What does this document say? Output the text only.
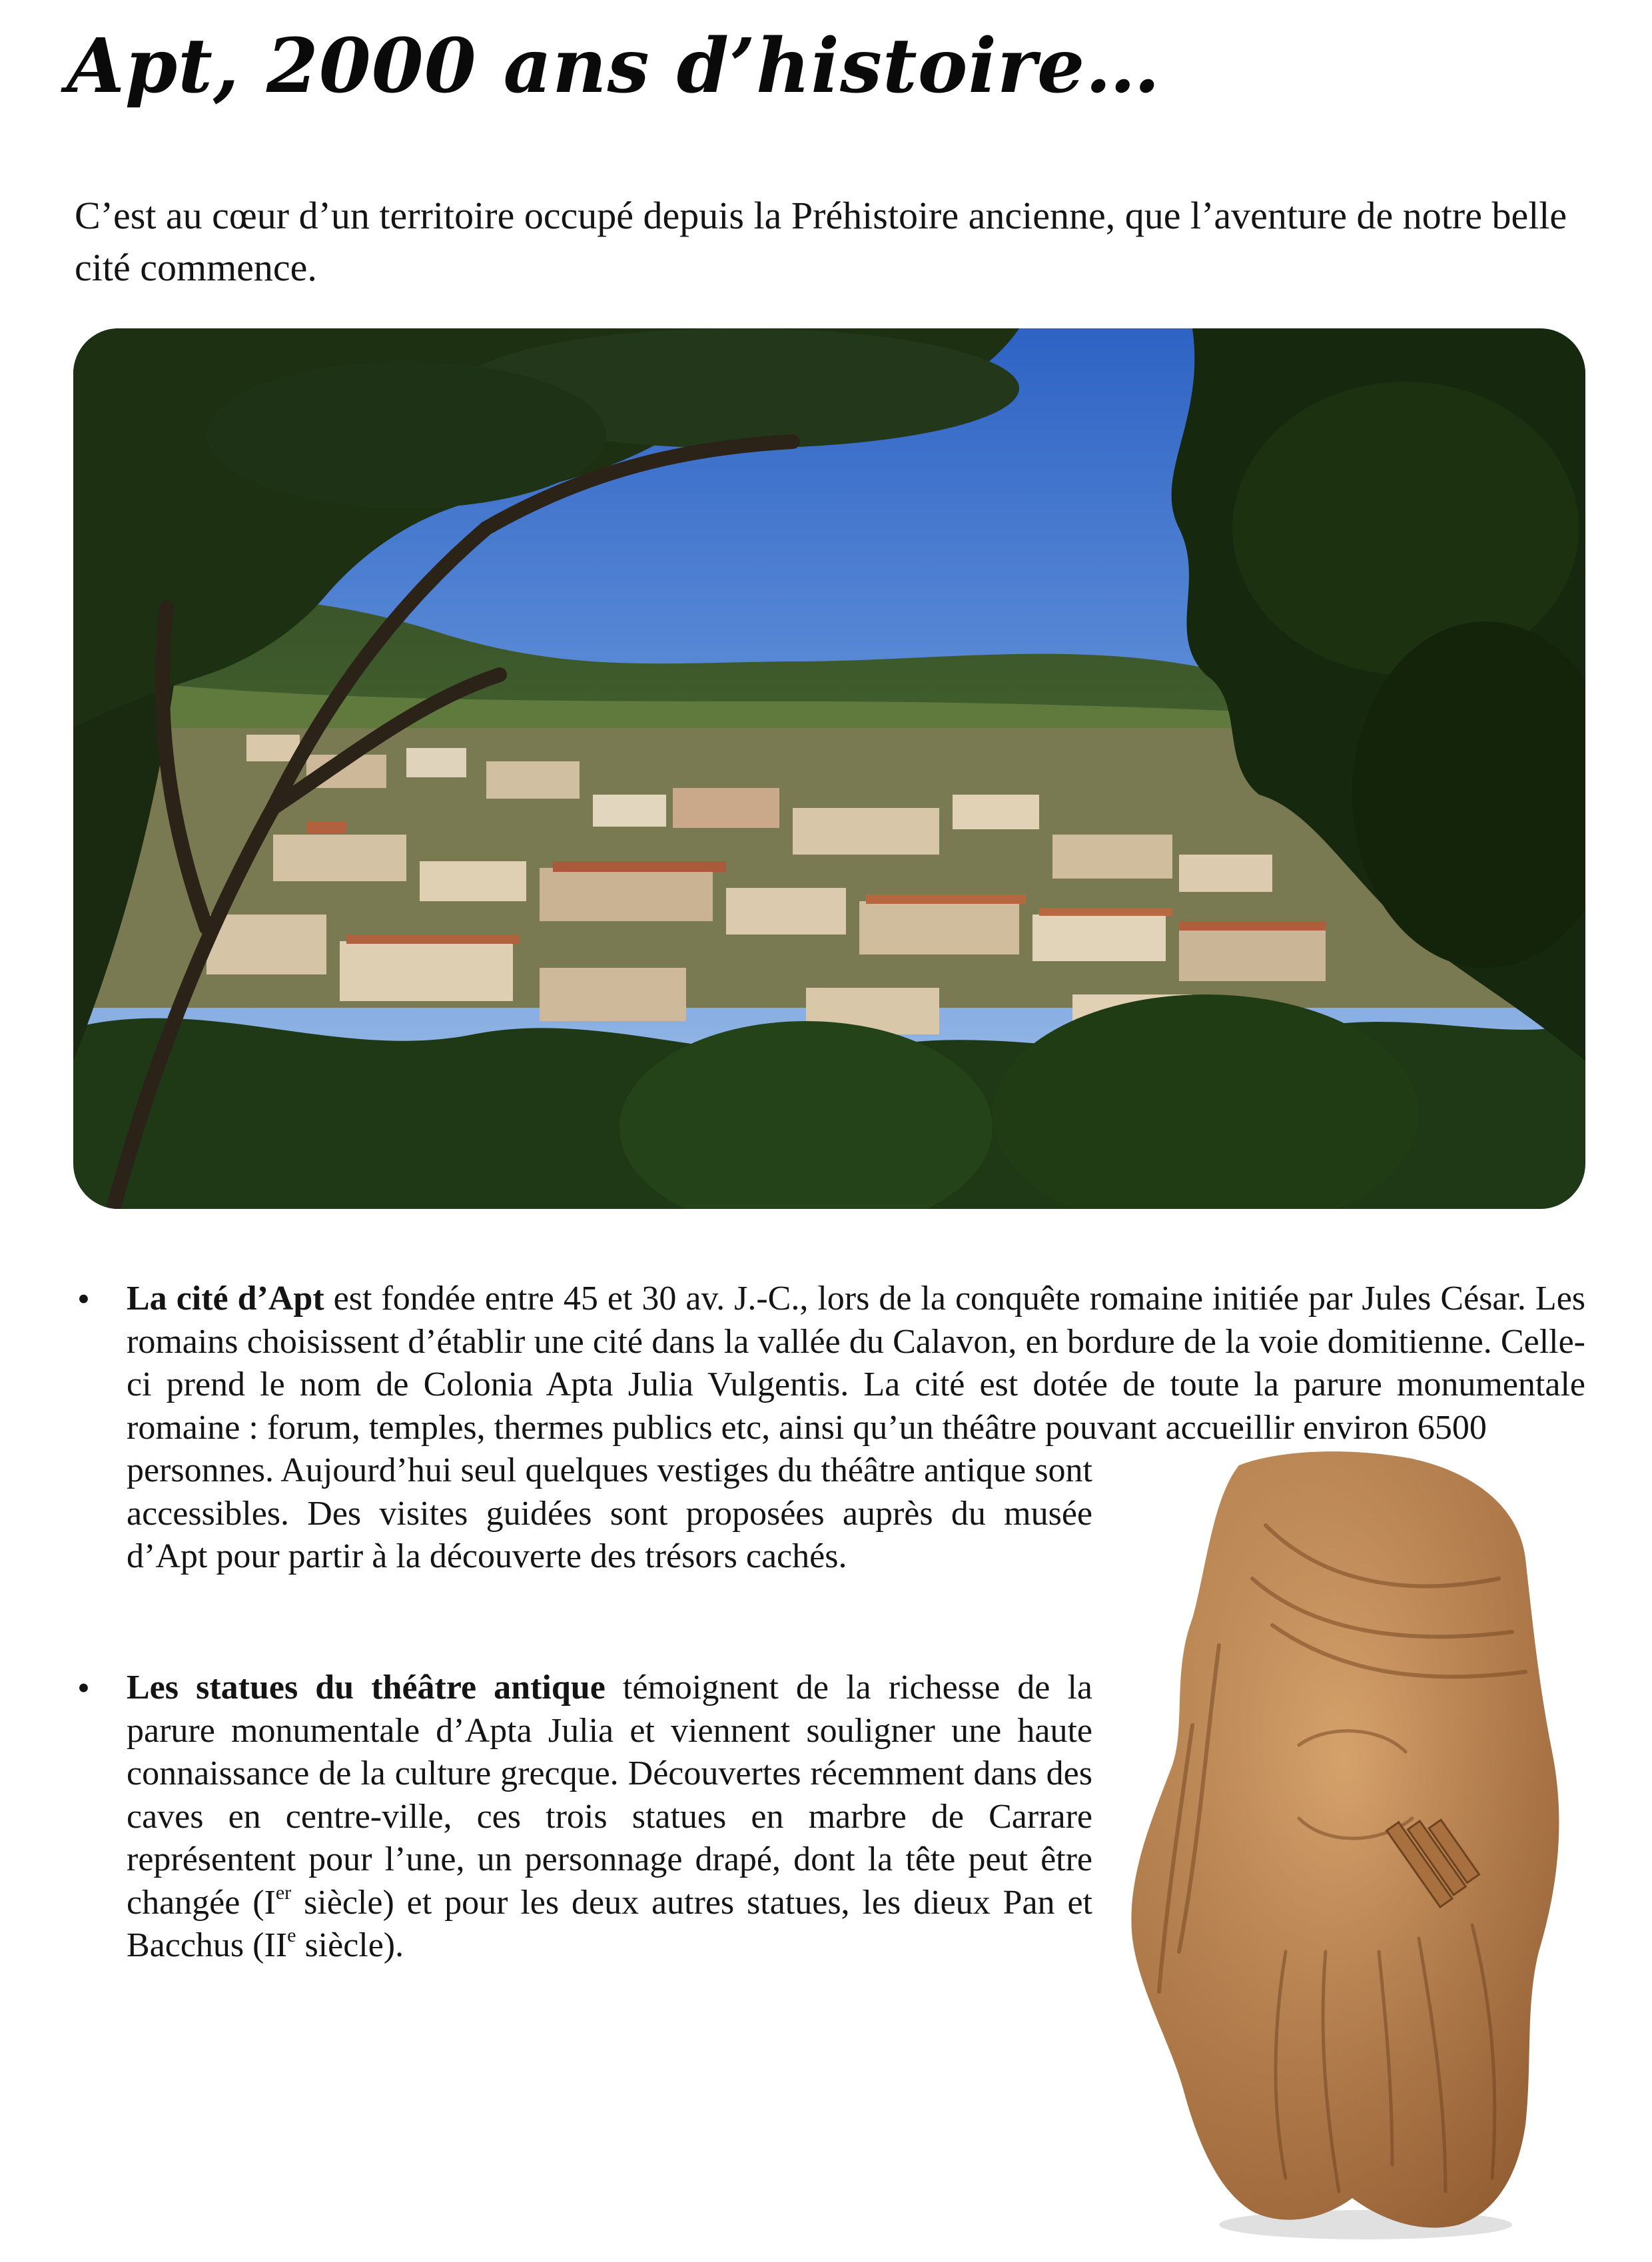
Apt, 2000 ans d’histoire…

C’est au cœur d’un territoire occupé depuis la Préhistoire ancienne, que l’aventure de notre belle cité commence.

• La cité d’Apt est fondée entre 45 et 30 av. J.-C., lors de la conquête romaine initiée par Jules César. Les romains choisissent d’établir une cité dans la vallée du Calavon, en bordure de la voie domitienne. Celle-ci prend le nom de Colonia Apta Julia Vulgentis. La cité est dotée de toute la parure monumentale romaine : forum, temples, thermes publics etc, ainsi qu’un théâtre pouvant accueillir environ 6500

personnes. Aujourd’hui seul quelques vestiges du théâtre antique sont accessibles. Des visites guidées sont proposées auprès du musée d’Apt pour partir à la découverte des trésors cachés.

• Les statues du théâtre antique témoignent de la richesse de la parure monumentale d’Apta Julia et viennent souligner une haute connaissance de la culture grecque. Découvertes récemment dans des caves en centre-ville, ces trois statues en marbre de Carrare représentent pour l’une, un personnage drapé, dont la tête peut être changée (Ier siècle) et pour les deux autres statues, les dieux Pan et Bacchus (IIe siècle).
